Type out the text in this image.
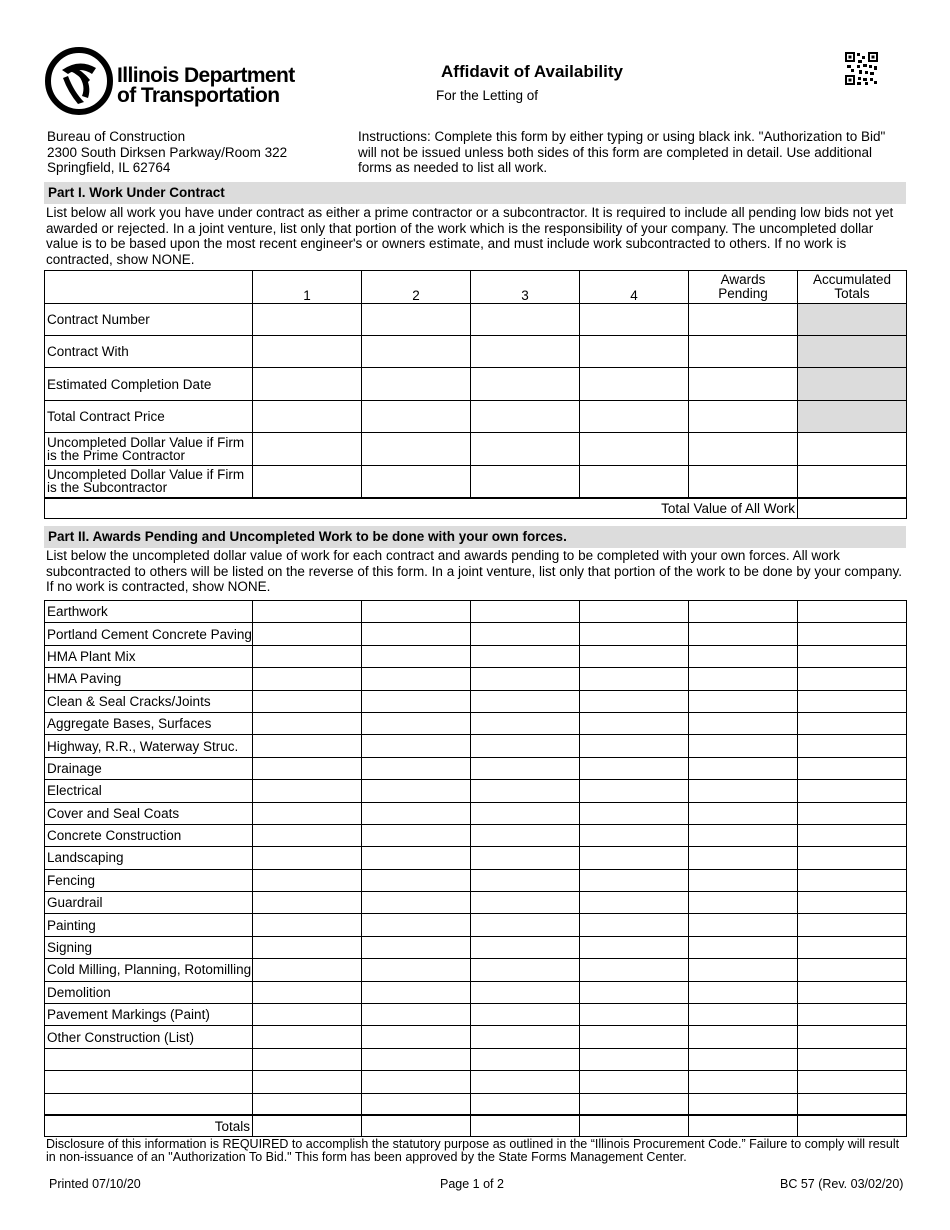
Illinois Department
of Transportation
Affidavit of Availability
For the Letting of
Bureau of Construction
2300 South Dirksen Parkway/Room 322
Springfield, IL 62764
Instructions: Complete this form by either typing or using black ink. "Authorization to Bid" will not be issued unless both sides of this form are completed in detail. Use additional forms as needed to list all work.
Part I. Work Under Contract
List below all work you have under contract as either a prime contractor or a subcontractor. It is required to include all pending low bids not yet awarded or rejected. In a joint venture, list only that portion of the work which is the responsibility of your company. The uncompleted dollar value is to be based upon the most recent engineer's or owners estimate, and must include work subcontracted to others. If no work is contracted, show NONE.
	1	2	3	4	Awards Pending	Accumulated Totals
Contract Number						
Contract With						
Estimated Completion Date						
Total Contract Price						
Uncompleted Dollar Value if Firm is the Prime Contractor						
Uncompleted Dollar Value if Firm is the Subcontractor						
Total Value of All Work						
Part II. Awards Pending and Uncompleted Work to be done with your own forces.
List below the uncompleted dollar value of work for each contract and awards pending to be completed with your own forces. All work subcontracted to others will be listed on the reverse of this form. In a joint venture, list only that portion of the work to be done by your company. If no work is contracted, show NONE.
Earthwork						
Portland Cement Concrete Paving						
HMA Plant Mix						
HMA Paving						
Clean & Seal Cracks/Joints						
Aggregate Bases, Surfaces						
Highway, R.R., Waterway Struc.						
Drainage						
Electrical						
Cover and Seal Coats						
Concrete Construction						
Landscaping						
Fencing						
Guardrail						
Painting						
Signing						
Cold Milling, Planning, Rotomilling						
Demolition						
Pavement Markings (Paint)						
Other Construction (List)						

Totals						
Disclosure of this information is REQUIRED to accomplish the statutory purpose as outlined in the “Illinois Procurement Code.” Failure to comply will result in non-issuance of an "Authorization To Bid." This form has been approved by the State Forms Management Center.
Printed 07/10/20	Page 1 of 2	BC 57 (Rev. 03/02/20)
